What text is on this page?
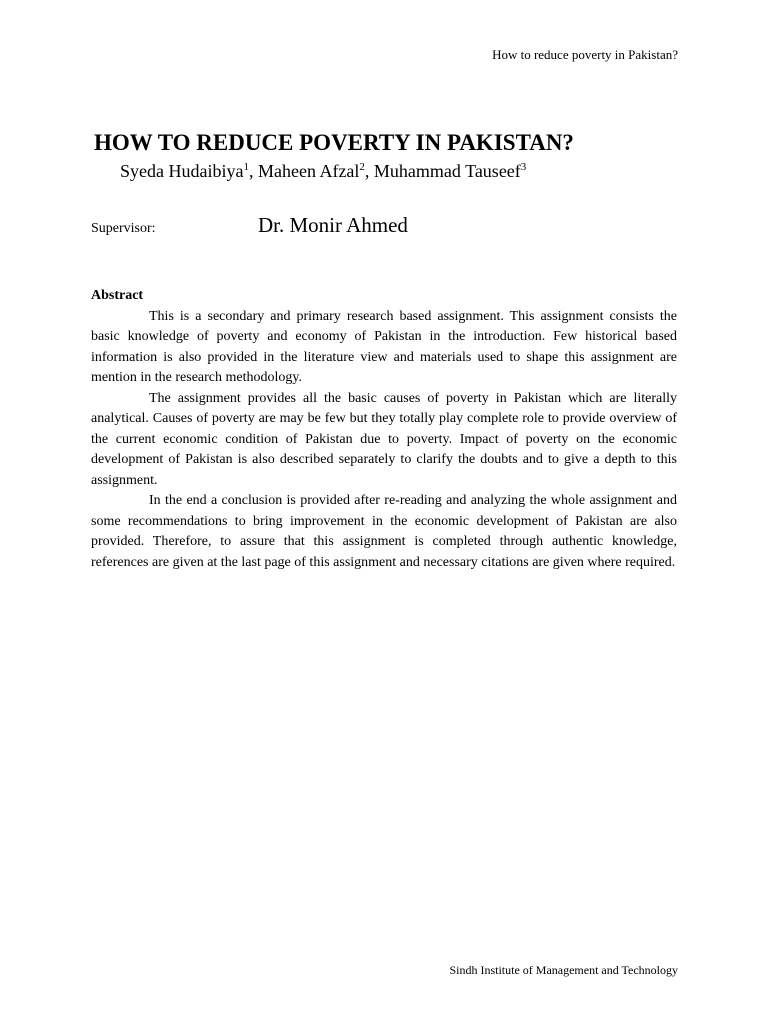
How to reduce poverty in Pakistan?
HOW TO REDUCE POVERTY IN PAKISTAN?
Syeda Hudaibiya$^1$, Maheen Afzal$^2$, Muhammad Tauseef$^3$
Supervisor:	Dr. Monir Ahmed
Abstract

This is a secondary and primary research based assignment. This assignment consists the basic knowledge of poverty and economy of Pakistan in the introduction. Few historical based information is also provided in the literature view and materials used to shape this assignment are mention in the research methodology.

The assignment provides all the basic causes of poverty in Pakistan which are literally analytical. Causes of poverty are may be few but they totally play complete role to provide overview of the current economic condition of Pakistan due to poverty. Impact of poverty on the economic development of Pakistan is also described separately to clarify the doubts and to give a depth to this assignment.

In the end a conclusion is provided after re-reading and analyzing the whole assignment and some recommendations to bring improvement in the economic development of Pakistan are also provided. Therefore, to assure that this assignment is completed through authentic knowledge, references are given at the last page of this assignment and necessary citations are given where required.

Sindh Institute of Management and Technology
